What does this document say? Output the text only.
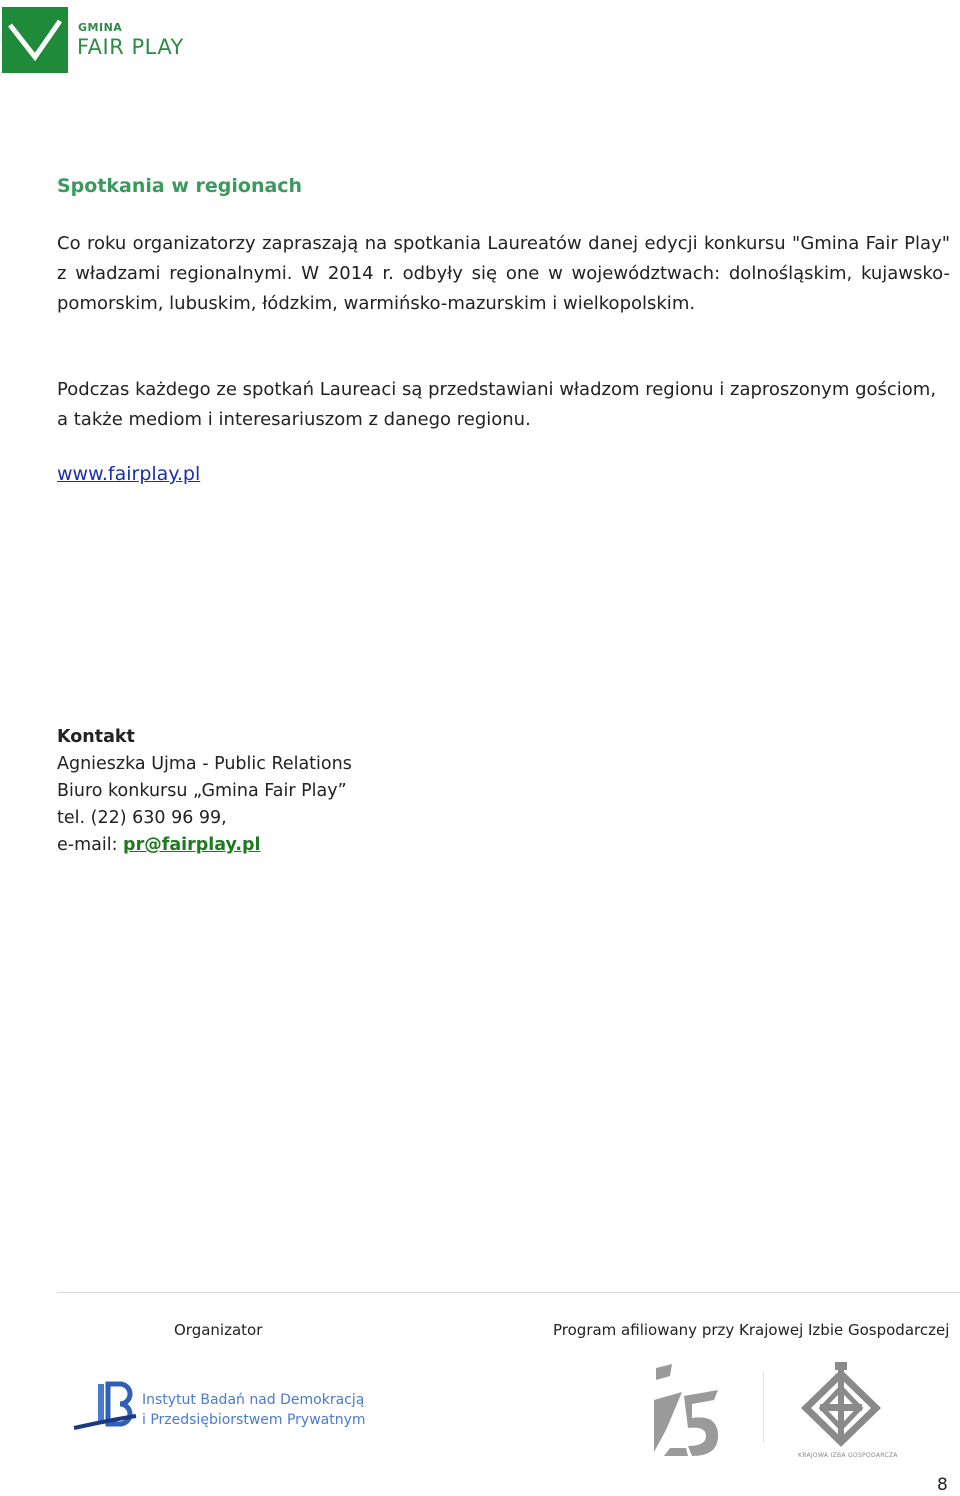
GMINA
FAIR PLAY
Spotkania w regionach
Co roku organizatorzy zapraszają na spotkania Laureatów danej edycji konkursu "Gmina Fair Play" z władzami regionalnymi. W 2014 r. odbyły się one w województwach: dolnośląskim, kujawsko-pomorskim, lubuskim, łódzkim, warmińsko-mazurskim i wielkopolskim.
Podczas każdego ze spotkań Laureaci są przedstawiani władzom regionu i zaproszonym gościom, a także mediom i interesariuszom z danego regionu.
www.fairplay.pl
Kontakt
Agnieszka Ujma - Public Relations
Biuro konkursu „Gmina Fair Play”
tel. (22) 630 96 99,
e-mail: pr@fairplay.pl
Organizator	Program afiliowany przy Krajowej Izbie Gospodarczej
Instytut Badań nad Demokracją
i Przedsiębiorstwem Prywatnym
KRAJOWA IZBA GOSPODARCZA
8
